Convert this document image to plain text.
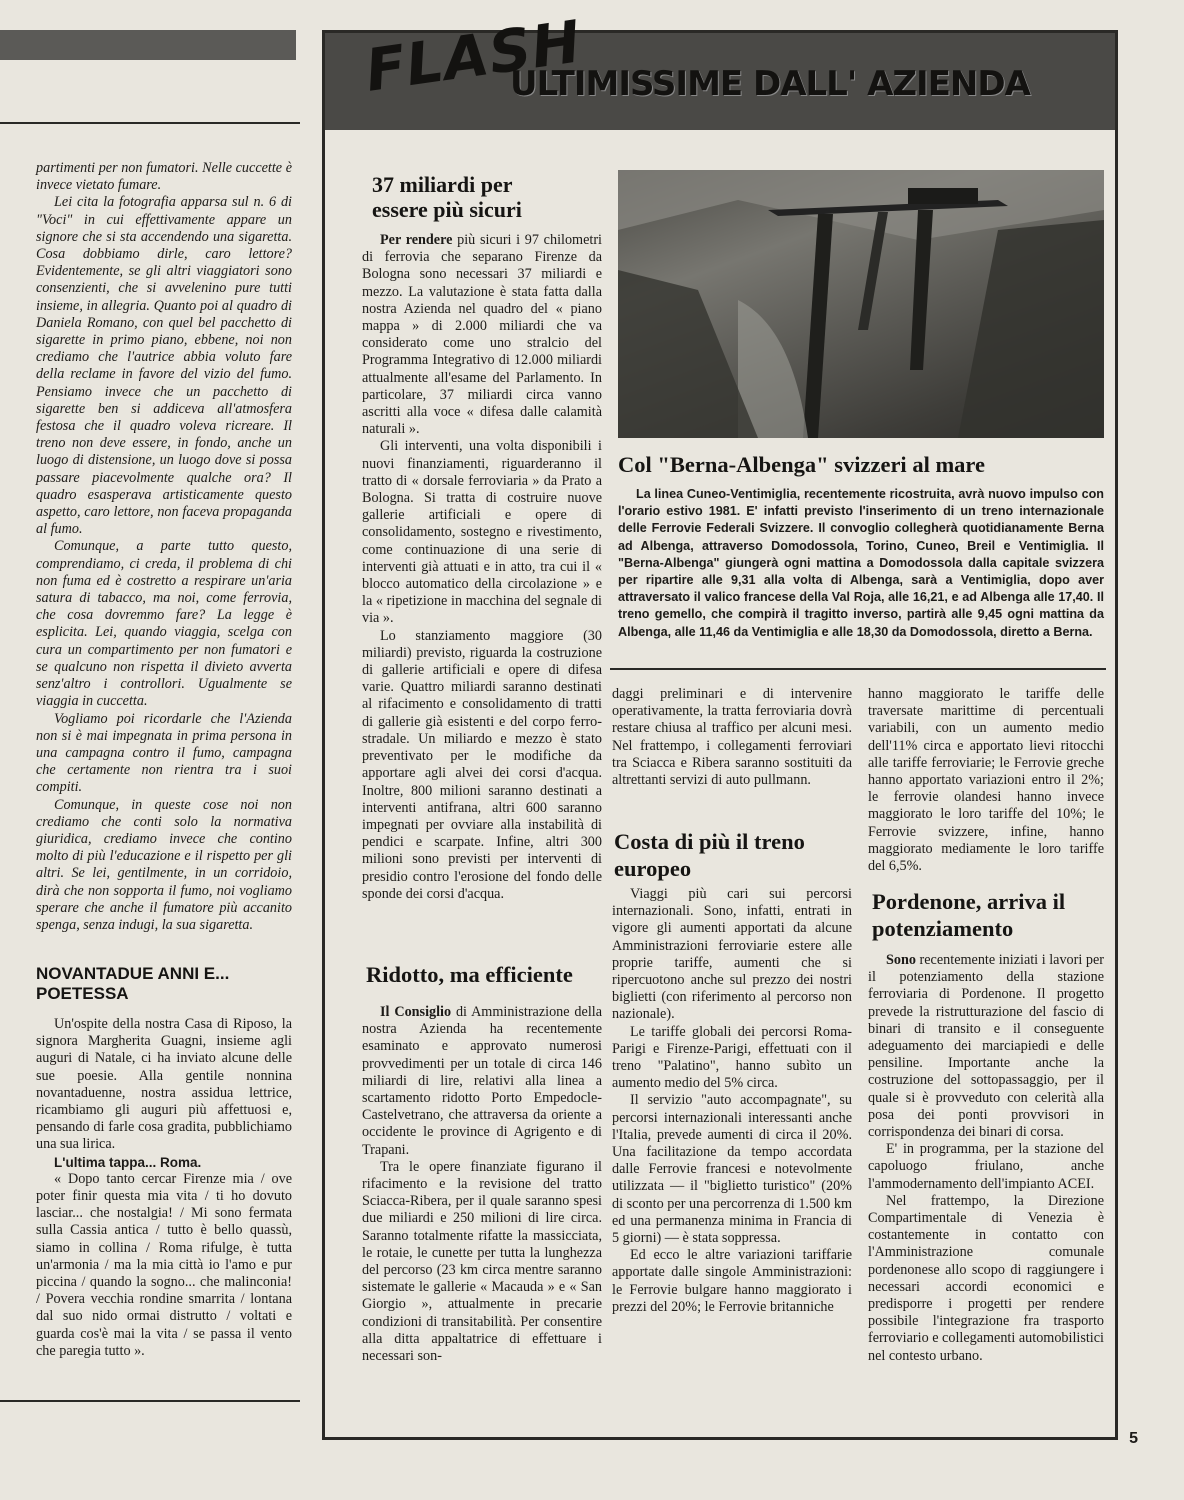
partimenti per non fumatori. Nelle cuccette è invece vietato fumare.

Lei cita la fotografia apparsa sul n. 6 di "Voci" in cui effettivamente appare un signore che si sta accendendo una sigaretta. Cosa dobbiamo dirle, caro lettore? Evidentemente, se gli altri viaggiatori sono consenzienti, che si avvelenino pure tutti insieme, in allegria. Quanto poi al quadro di Daniela Romano, con quel bel pacchetto di sigarette in primo piano, ebbene, noi non crediamo che l'autrice abbia voluto fare della reclame in favore del vizio del fumo. Pensiamo invece che un pacchetto di sigarette ben si addiceva all'atmosfera festosa che il quadro voleva ricreare. Il treno non deve essere, in fondo, anche un luogo di distensione, un luogo dove si possa passare piacevolmente qualche ora? Il quadro esasperava artisticamente questo aspetto, caro lettore, non faceva propaganda al fumo.

Comunque, a parte tutto questo, comprendiamo, ci creda, il problema di chi non fuma ed è costretto a respirare un'aria satura di tabacco, ma noi, come ferrovia, che cosa dovremmo fare? La legge è esplicita. Lei, quando viaggia, scelga con cura un compartimento per non fumatori e se qualcuno non rispetta il divieto avverta senz'altro i controllori. Ugualmente se viaggia in cuccetta.

Vogliamo poi ricordarle che l'Azienda non si è mai impegnata in prima persona in una campagna contro il fumo, campagna che certamente non rientra tra i suoi compiti.

Comunque, in queste cose noi non crediamo che conti solo la normativa giuridica, crediamo invece che contino molto di più l'educazione e il rispetto per gli altri. Se lei, gentilmente, in un corridoio, dirà che non sopporta il fumo, noi vogliamo sperare che anche il fumatore più accanito spenga, senza indugi, la sua sigaretta.

NOVANTADUE ANNI E... POETESSA

Un'ospite della nostra Casa di Riposo, la signora Margherita Guagni, insieme agli auguri di Natale, ci ha inviato alcune delle sue poesie. Alla gentile nonnina novantaduenne, nostra assidua lettrice, ricambiamo gli auguri più affettuosi e, pensando di farle cosa gradita, pubblichiamo una sua lirica.

L'ultima tappa... Roma.

« Dopo tanto cercar Firenze mia / ove poter finir questa mia vita / ti ho dovuto lasciar... che nostalgia! / Mi sono fermata sulla Cassia antica / tutto è bello quassù, siamo in collina / Roma rifulge, è tutta un'armonia / ma la mia città io l'amo e pur piccina / quando la sogno... che malinconia! / Povera vecchia rondine smarrita / lontana dal suo nido ormai distrutto / voltati e guarda cos'è mai la vita / se passa il vento che paregia tutto ».

FLASH
ULTIMISSIME DALL' AZIENDA
37 miliardi per essere più sicuri

Per rendere più sicuri i 97 chilometri di ferrovia che separano Firenze da Bologna sono necessari 37 miliardi e mezzo. La valutazione è stata fatta dalla nostra Azienda nel quadro del « piano mappa » di 2.000 miliardi che va considerato come uno stralcio del Programma Integrativo di 12.000 miliardi attualmente all'esame del Parlamento. In particolare, 37 miliardi circa vanno ascritti alla voce « difesa dalle calamità naturali ».

Gli interventi, una volta disponibili i nuovi finanziamenti, riguarderanno il tratto di « dorsale ferroviaria » da Prato a Bologna. Si tratta di costruire nuove gallerie artificiali e opere di consolidamento, sostegno e rivestimento, come continuazione di una serie di interventi già attuati e in atto, tra cui il « blocco automatico della circolazione » e la « ripetizione in macchina del segnale di via ».

Lo stanziamento maggiore (30 miliardi) previsto, riguarda la costruzione di gallerie artificiali e opere di difesa varie. Quattro miliardi saranno destinati al rifacimento e consolidamento di tratti di gallerie già esistenti e del corpo ferro-stradale. Un miliardo e mezzo è stato preventivato per le modifiche da apportare agli alvei dei corsi d'acqua. Inoltre, 800 milioni saranno destinati a interventi antifrana, altri 600 saranno impegnati per ovviare alla instabilità di pendici e scarpate. Infine, altri 300 milioni sono previsti per interventi di presidio contro l'erosione del fondo delle sponde dei corsi d'acqua.

Col "Berna-Albenga" svizzeri al mare

La linea Cuneo-Ventimiglia, recentemente ricostruita, avrà nuovo impulso con l'orario estivo 1981. E' infatti previsto l'inserimento di un treno internazionale delle Ferrovie Federali Svizzere. Il convoglio collegherà quotidianamente Berna ad Albenga, attraverso Domodossola, Torino, Cuneo, Breil e Ventimiglia. Il "Berna-Albenga" giungerà ogni mattina a Domodossola dalla capitale svizzera per ripartire alle 9,31 alla volta di Albenga, sarà a Ventimiglia, dopo aver attraversato il valico francese della Val Roja, alle 16,21, e ad Albenga alle 17,40. Il treno gemello, che compirà il tragitto inverso, partirà alle 9,45 ogni mattina da Albenga, alle 11,46 da Ventimiglia e alle 18,30 da Domodossola, diretto a Berna.

Ridotto, ma efficiente

Il Consiglio di Amministrazione della nostra Azienda ha recentemente esaminato e approvato numerosi provvedimenti per un totale di circa 146 miliardi di lire, relativi alla linea a scartamento ridotto Porto Empedocle-Castelvetrano, che attraversa da oriente a occidente le province di Agrigento e di Trapani.

Tra le opere finanziate figurano il rifacimento e la revisione del tratto Sciacca-Ribera, per il quale saranno spesi due miliardi e 250 milioni di lire circa. Saranno totalmente rifatte la massicciata, le rotaie, le cunette per tutta la lunghezza del percorso (23 km circa mentre saranno sistemate le gallerie « Macauda » e « San Giorgio », attualmente in precarie condizioni di transitabilità. Per consentire alla ditta appaltatrice di effettuare i necessari son-

daggi preliminari e di intervenire operativamente, la tratta ferroviaria dovrà restare chiusa al traffico per alcuni mesi. Nel frattempo, i collegamenti ferroviari tra Sciacca e Ribera saranno sostituiti da altrettanti servizi di auto pullmann.

Costa di più il treno europeo

Viaggi più cari sui percorsi internazionali. Sono, infatti, entrati in vigore gli aumenti apportati da alcune Amministrazioni ferroviarie estere alle proprie tariffe, aumenti che si ripercuotono anche sul prezzo dei nostri biglietti (con riferimento al percorso non nazionale).

Le tariffe globali dei percorsi Roma-Parigi e Firenze-Parigi, effettuati con il treno "Palatino", hanno subìto un aumento medio del 5% circa.

Il servizio "auto accompagnate", su percorsi internazionali interessanti anche l'Italia, prevede aumenti di circa il 20%. Una facilitazione da tempo accordata dalle Ferrovie francesi e notevolmente utilizzata — il "biglietto turistico" (20% di sconto per una percorrenza di 1.500 km ed una permanenza minima in Francia di 5 giorni) — è stata soppressa.

Ed ecco le altre variazioni tariffarie apportate dalle singole Amministrazioni: le Ferrovie bulgare hanno maggiorato i prezzi del 20%; le Ferrovie britanniche

hanno maggiorato le tariffe delle traversate marittime di percentuali variabili, con un aumento medio dell'11% circa e apportato lievi ritocchi alle tariffe ferroviarie; le Ferrovie greche hanno apportato variazioni entro il 2%; le ferrovie olandesi hanno invece maggiorato le loro tariffe del 10%; le Ferrovie svizzere, infine, hanno maggiorato mediamente le loro tariffe del 6,5%.

Pordenone, arriva il potenziamento

Sono recentemente iniziati i lavori per il potenziamento della stazione ferroviaria di Pordenone. Il progetto prevede la ristrutturazione del fascio di binari di transito e il conseguente adeguamento dei marciapiedi e delle pensiline. Importante anche la costruzione del sottopassaggio, per il quale si è provveduto con celerità alla posa dei ponti provvisori in corrispondenza dei binari di corsa.

E' in programma, per la stazione del capoluogo friulano, anche l'ammodernamento dell'impianto ACEI.

Nel frattempo, la Direzione Compartimentale di Venezia è costantemente in contatto con l'Amministrazione comunale pordenonese allo scopo di raggiungere i necessari accordi economici e predisporre i progetti per rendere possibile l'integrazione fra trasporto ferroviario e collegamenti automobilistici nel contesto urbano.

5
